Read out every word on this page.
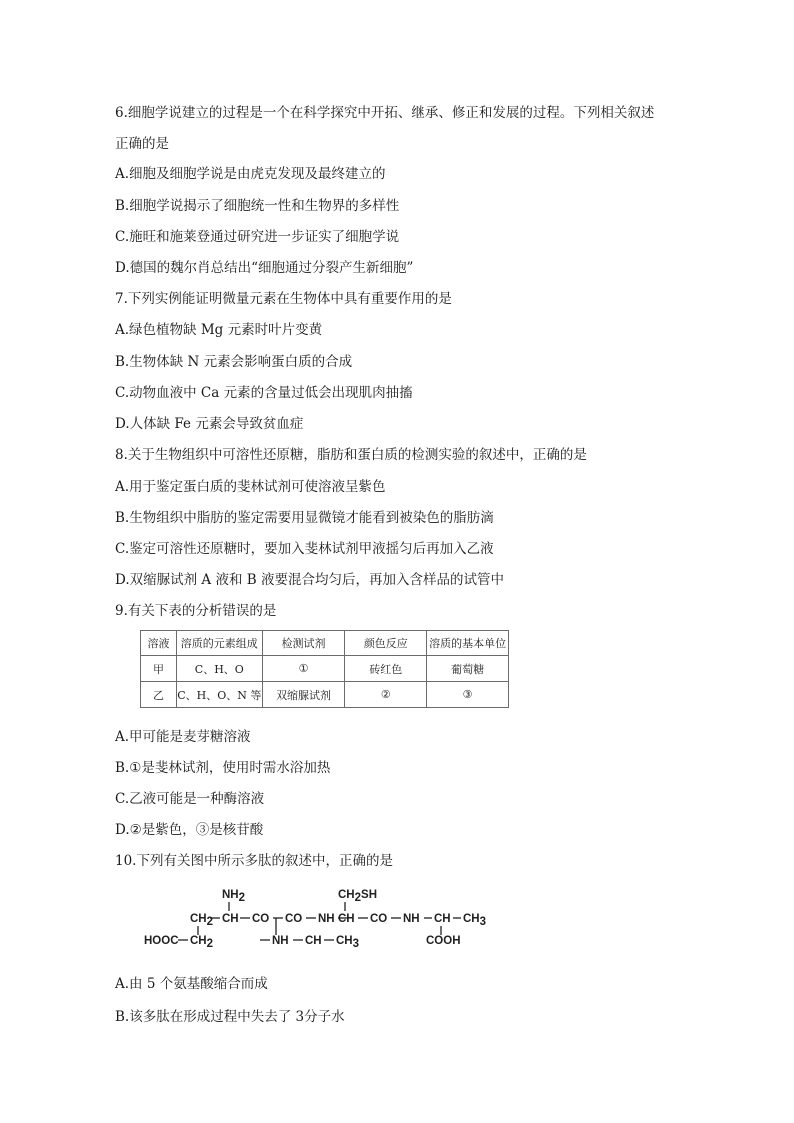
6.细胞学说建立的过程是一个在科学探究中开拓、继承、修正和发展的过程。下列相关叙述
正确的是
A.细胞及细胞学说是由虎克发现及最终建立的
B.细胞学说揭示了细胞统一性和生物界的多样性
C.施旺和施莱登通过研究进一步证实了细胞学说
D.德国的魏尔肖总结出“细胞通过分裂产生新细胞”
7.下列实例能证明微量元素在生物体中具有重要作用的是
A.绿色植物缺 Mg 元素时叶片变黄
B.生物体缺 N 元素会影响蛋白质的合成
C.动物血液中 Ca 元素的含量过低会出现肌肉抽搐
D.人体缺 Fe 元素会导致贫血症
8.关于生物组织中可溶性还原糖，脂肪和蛋白质的检测实验的叙述中，正确的是
A.用于鉴定蛋白质的斐林试剂可使溶液呈紫色
B.生物组织中脂肪的鉴定需要用显微镜才能看到被染色的脂肪滴
C.鉴定可溶性还原糖时，要加入斐林试剂甲液摇匀后再加入乙液
D.双缩脲试剂 A 液和 B 液要混合均匀后，再加入含样品的试管中
9.有关下表的分析错误的是
溶液	溶质的元素组成	检测试剂	颜色反应	溶质的基本单位
甲	C、H、O	①	砖红色	葡萄糖
乙	C、H、O、N 等	双缩脲试剂	②	③
A.甲可能是麦芽糖溶液
B.①是斐林试剂，使用时需水浴加热
C.乙液可能是一种酶溶液
D.②是紫色，③是核苷酸
10.下列有关图中所示多肽的叙述中，正确的是
NH2	CH2SH
CH2 CH CO CO NH CH CO NH CH CH3
HOOC CH2	NH CH CH3	COOH
A.由 5 个氨基酸缩合而成
B.该多肽在形成过程中失去了 3分子水
